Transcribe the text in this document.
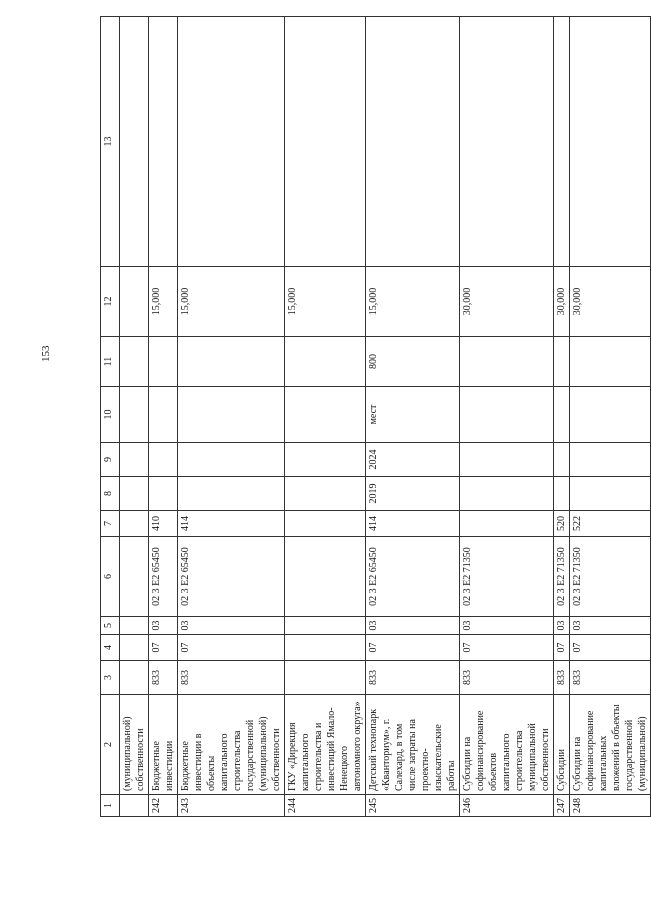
153
1	2	3	4	5	6	7	8	9	10	11	12	13
	(муниципальной) собственности											
242	Бюджетные инвестиции	833	07	03	02 3 E2 65450	410					15,000	
243	Бюджетные инвестиции в объекты капитального строительства государственной (муниципальной) собственности	833	07	03	02 3 E2 65450	414					15,000	
244	ГКУ «Дирекция капитального строительства и инвестиций Ямало-Ненецкого автономного округа»										15,000	
245	Детский технопарк «Кванториум», г. Салехард, в том числе затраты на проектно-изыскательские работы	833	07	03	02 3 E2 65450	414	2019	2024	мест	800	15,000	
246	Субсидии на софинансирование объектов капитального строительства муниципальной собственности	833	07	03	02 3 E2 71350						30,000	
247	Субсидии	833	07	03	02 3 E2 71350	520					30,000	
248	Субсидии на софинансирование капитальных вложений в объекты государственной (муниципальной)	833	07	03	02 3 E2 71350	522					30,000	
